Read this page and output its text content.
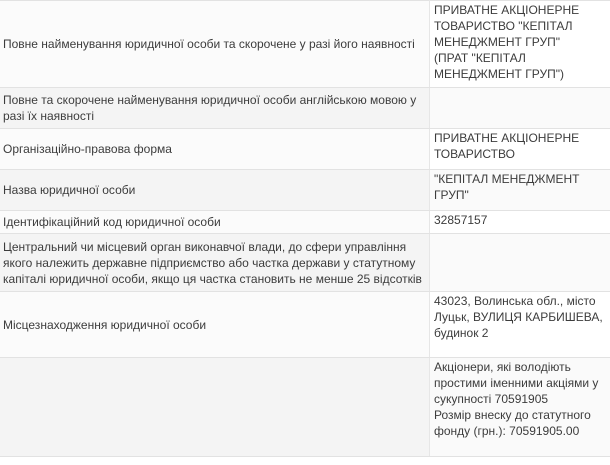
Повне найменування юридичної особи та скорочене у разі його наявності	ПРИВАТНЕ АКЦІОНЕРНЕ
ТОВАРИСТВО "КЕПІТАЛ
МЕНЕДЖМЕНТ ГРУП"
(ПРАТ "КЕПІТАЛ
МЕНЕДЖМЕНТ ГРУП")

Повне та скорочене найменування юридичної особи англійською мовою у разі їх наявності	
Організаційно-правова форма	ПРИВАТНЕ АКЦІОНЕРНЕ
ТОВАРИСТВО

Назва юридичної особи	"КЕПІТАЛ МЕНЕДЖМЕНТ
ГРУП"

Ідентифікаційний код юридичної особи	32857157

Центральний чи місцевий орган виконавчої влади, до сфери управління якого належить державне підприємство або частка держави у статутному капіталі юридичної особи, якщо ця частка становить не менше 25 відсотків	
Місцезнаходження юридичної особи	43023, Волинська обл., місто
Луцьк, ВУЛИЦЯ КАРБИШЕВА,
будинок 2

	Акціонери, які володіють
простими іменними акціями у
сукупності 70591905
Розмір внеску до статутного
фонду (грн.): 70591905.00
